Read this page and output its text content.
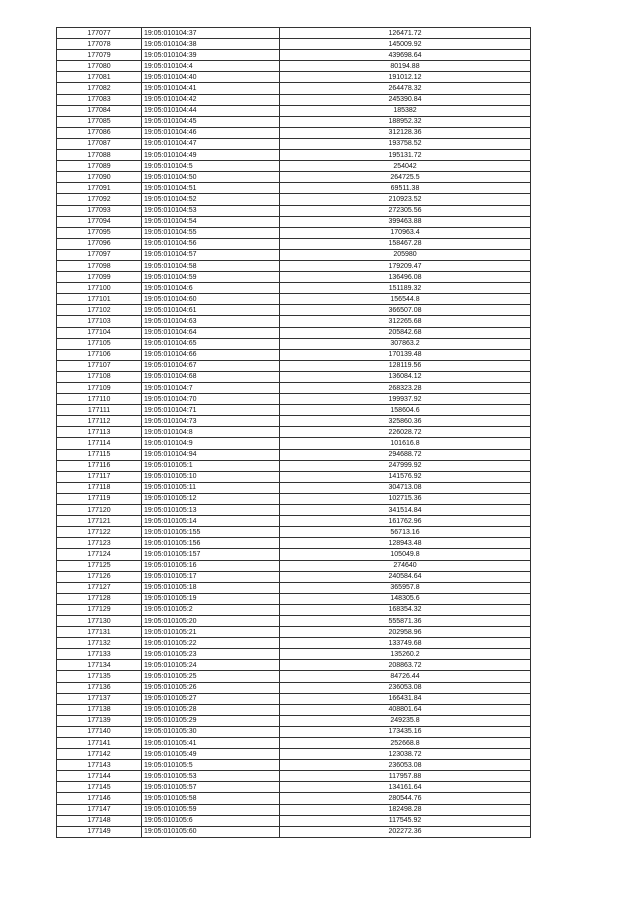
177077	19:05:010104:37	126471.72
177078	19:05:010104:38	145009.92
177079	19:05:010104:39	439698.64
177080	19:05:010104:4	80194.88
177081	19:05:010104:40	191012.12
177082	19:05:010104:41	264478.32
177083	19:05:010104:42	245390.84
177084	19:05:010104:44	185382
177085	19:05:010104:45	188952.32
177086	19:05:010104:46	312128.36
177087	19:05:010104:47	193758.52
177088	19:05:010104:49	195131.72
177089	19:05:010104:5	254042
177090	19:05:010104:50	264725.5
177091	19:05:010104:51	69511.38
177092	19:05:010104:52	210923.52
177093	19:05:010104:53	272305.56
177094	19:05:010104:54	399463.88
177095	19:05:010104:55	170963.4
177096	19:05:010104:56	158467.28
177097	19:05:010104:57	205980
177098	19:05:010104:58	179209.47
177099	19:05:010104:59	136496.08
177100	19:05:010104:6	151189.32
177101	19:05:010104:60	156544.8
177102	19:05:010104:61	366507.08
177103	19:05:010104:63	312265.68
177104	19:05:010104:64	205842.68
177105	19:05:010104:65	307863.2
177106	19:05:010104:66	170139.48
177107	19:05:010104:67	128119.56
177108	19:05:010104:68	136084.12
177109	19:05:010104:7	268323.28
177110	19:05:010104:70	199937.92
177111	19:05:010104:71	158604.6
177112	19:05:010104:73	325860.36
177113	19:05:010104:8	226028.72
177114	19:05:010104:9	101616.8
177115	19:05:010104:94	294688.72
177116	19:05:010105:1	247999.92
177117	19:05:010105:10	141576.92
177118	19:05:010105:11	304713.08
177119	19:05:010105:12	102715.36
177120	19:05:010105:13	341514.84
177121	19:05:010105:14	161762.96
177122	19:05:010105:155	56713.16
177123	19:05:010105:156	128943.48
177124	19:05:010105:157	105049.8
177125	19:05:010105:16	274640
177126	19:05:010105:17	240584.64
177127	19:05:010105:18	365957.8
177128	19:05:010105:19	148305.6
177129	19:05:010105:2	168354.32
177130	19:05:010105:20	555871.36
177131	19:05:010105:21	202958.96
177132	19:05:010105:22	133749.68
177133	19:05:010105:23	135260.2
177134	19:05:010105:24	208863.72
177135	19:05:010105:25	84726.44
177136	19:05:010105:26	236053.08
177137	19:05:010105:27	166431.84
177138	19:05:010105:28	408801.64
177139	19:05:010105:29	249235.8
177140	19:05:010105:30	173435.16
177141	19:05:010105:41	252668.8
177142	19:05:010105:49	123038.72
177143	19:05:010105:5	236053.08
177144	19:05:010105:53	117957.88
177145	19:05:010105:57	134161.64
177146	19:05:010105:58	280544.76
177147	19:05:010105:59	182498.28
177148	19:05:010105:6	117545.92
177149	19:05:010105:60	202272.36
